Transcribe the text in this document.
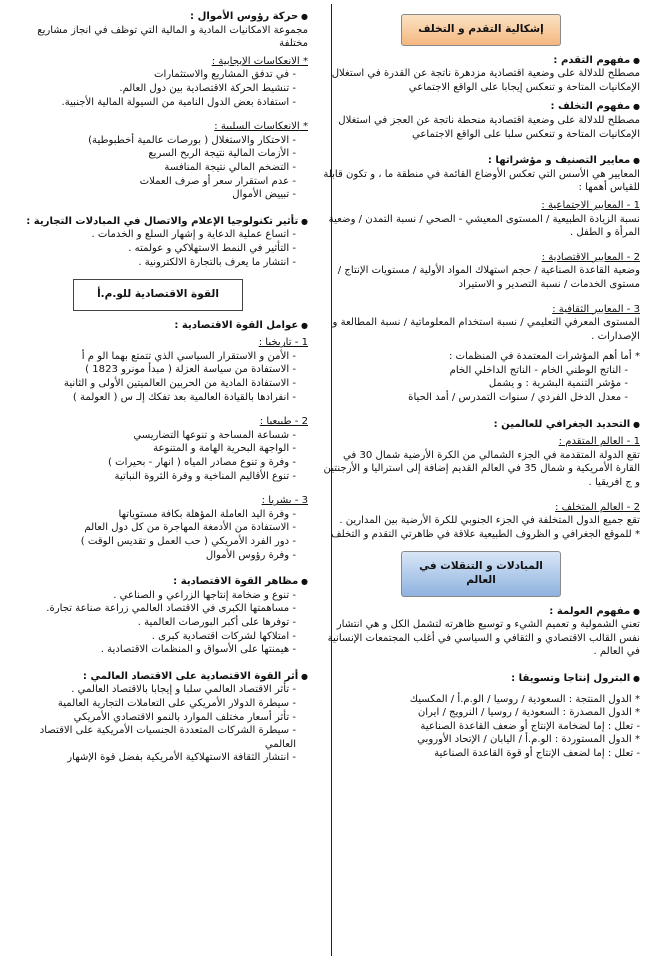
إشكالية التقدم و التخلف

● مفهوم التقدم :

مصطلح للدلالة على وضعية اقتصادية مزدهرة ناتجة عن القدرة في استغلال الإمكانيات المتاحة و تنعكس إيجابا على الواقع الاجتماعي

● مفهوم التخلف :

مصطلح للدلالة على وضعية اقتصادية منحطة ناتجة عن العجز في استغلال الإمكانيات المتاحة و تنعكس سلبا على الواقع الاجتماعي

● معايير التصنيف و مؤشراتها :

المعايير هي الأسس التي تعكس الأوضاع القائمة في منطقة ما ، و تكون قابلة للقياس أهمها :

1 - المعايير الاجتماعية :

نسبة الزيادة الطبيعية / المستوى المعيشي - الصحي / نسبة التمدن / وضعية المرأة و الطفل .

2 - المعايير الاقتصادية :

وضعية القاعدة الصناعية / حجم استهلاك المواد الأولية / مستويات الإنتاج / مستوى الخدمات / نسبة التصدير و الاستيراد

3 - المعايير الثقافية :

المستوى المعرفي التعليمي / نسبة استخدام المعلوماتية / نسبة المطالعة و الإصدارات .

* أما أهم المؤشرات المعتمدة في المنظمات :

- الناتج الوطني الخام - الناتج الداخلي الخام
- مؤشر التنمية البشرية : و يشمل
- معدل الدخل الفردي / سنوات التمدرس / أمد الحياة

● التحديد الجغرافي للعالمين :

1 - العالم المتقدم :

تقع الدولة المتقدمة في الجزء الشمالي من الكرة الأرضية شمال 30 في القارة الأمريكية و شمال 35 في العالم القديم إضافة إلى استراليا و الأرجنتين و ج افريقيا .

2 - العالم المتخلف :

تقع جميع الدول المتخلفة في الجزء الجنوبي للكرة الأرضية بين المدارين .

* للموقع الجغرافي و الظروف الطبيعية علاقة في ظاهرتي التقدم و التخلف

المبادلات و التنقلات في العالم

● مفهوم العولمة :

تعني الشمولية و تعميم الشيء و توسيع ظاهرته لتشمل الكل و هي انتشار نفس القالب الاقتصادي و الثقافي و السياسي في أغلب المجتمعات الإنسانية في العالم .

● البترول إنتاجا وتسويقا :

* الدول المنتجة : السعودية / روسيا / الو.م.أ / المكسيك

* الدول المصدرة : السعودية / روسيا / النرويج / ايران

- تعلل : إما لضخامة الإنتاج أو ضعف القاعدة الصناعية

* الدول المستوردة : الو.م.أ / اليابان / الإتحاد الأوروبي

- تعلل : إما لضعف الإنتاج أو قوة القاعدة الصناعية

● حركة رؤوس الأموال :

مجموعة الامكانيات المادية و المالية التي توظف في انجاز مشاريع مختلفة

* الانعكاسات الإيجابية :

- في تدفق المشاريع والاستثمارات
- تنشيط الحركة الاقتصادية بين دول العالم.
- استفادة بعض الدول النامية من السيولة المالية الأجنبية.

* الانعكاسات السلبية :

- الاحتكار والاستغلال ( بورصات عالمية أخطبوطية)
- الأزمات المالية نتيجة الربح السريع
- التضخم المالي نتيجة المنافسة
- عدم استقرار سعر أو صرف العملات
- تبييض الأموال

● تأثير تكنولوجيا الإعلام والاتصال في المبادلات التجارية :

- اتساع عملية الدعاية و إشهار السلع و الخدمات .
- التأثير في النمط الاستهلاكي و عولمته .
- انتشار ما يعرف بالتجارة الالكترونية .
القوة الاقتصادية للو.م.أ

● عوامل القوة الاقتصادية :

1 - تاريخيا :

- الأمن و الاستقرار السياسي الذي تتمتع بهما الو م أ
- الاستفادة من سياسة العزلة ( مبدأ مونرو 1823 )
- الاستفادة المادية من الحربين العالميتين الأولى و الثانية
- انفرادها بالقيادة العالمية بعد تفكك إلـ س ( العولمة )

2 - طبيعيا :

- شساعة المساحة و تنوعها التضاريسي
- الواجهة البحرية الهامة و المتنوعة
- وفرة و تنوع مصادر المياه ( انهار - بحيرات )
- تنوع الأقاليم المناخية و وفرة الثروة النباتية

3 - بشريا :

- وفرة اليد العاملة المؤهلة بكافة مستوياتها
- الاستفادة من الأدمغة المهاجرة من كل دول العالم
- دور الفرد الأمريكي ( حب العمل و تقديس الوقت )
- وفرة رؤوس الأموال

● مظاهر القوة الاقتصادية :

- تنوع و ضخامة إنتاجها الزراعي و الصناعي .
- مساهمتها الكبرى في الاقتصاد العالمي زراعة صناعة تجارة.
- توفرها على أكبر البورصات العالمية .
- امتلاكها لشركات اقتصادية كبرى .
- هيمنتها على الأسواق و المنظمات الاقتصادية .

● أثر القوة الاقتصادية على الاقتصاد العالمي :

- تأثر الاقتصاد العالمي سلبا و إيجابا بالاقتصاد العالمي .
- سيطرة الدولار الأمريكي على التعاملات التجارية العالمية
- تأثر أسعار مختلف الموارد بالنمو الاقتصادي الأمريكي
- سيطرة الشركات المتعددة الجنسيات الأمريكية على الاقتصاد العالمي
- انتشار الثقافة الاستهلاكية الأمريكية بفضل قوة الإشهار
